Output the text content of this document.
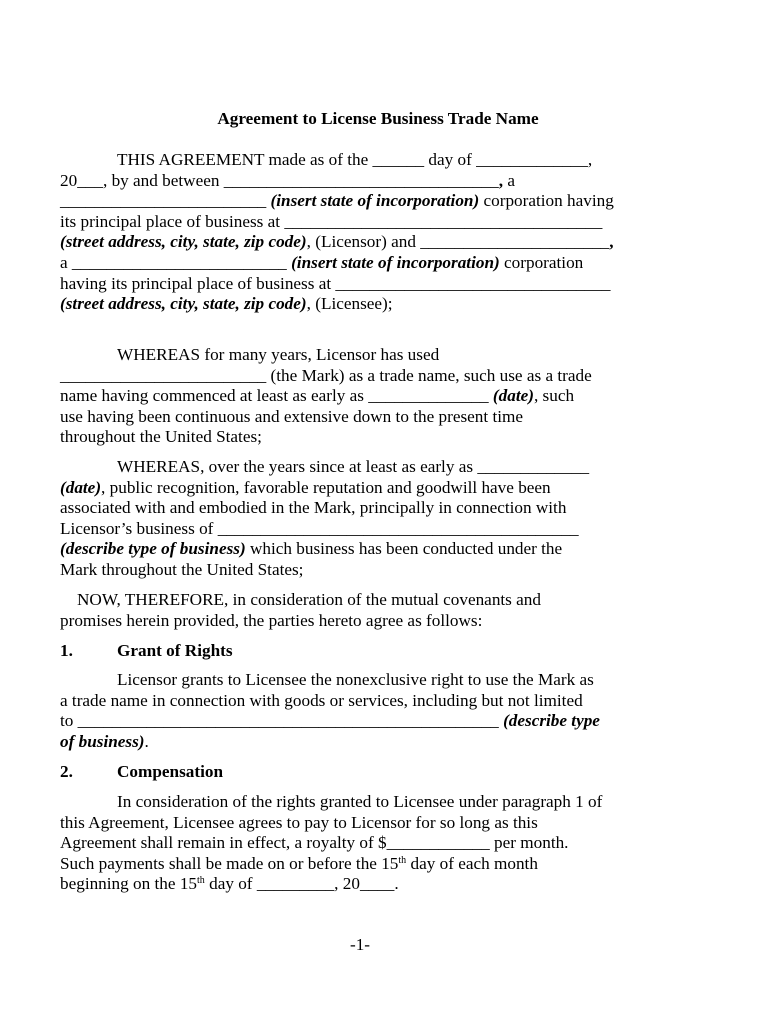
Agreement to License Business Trade Name
THIS AGREEMENT made as of the ______ day of _____________,
20___, by and between ________________________________, a
________________________ (insert state of incorporation) corporation having
its principal place of business at _____________________________________
(street address, city, state, zip code), (Licensor) and ______________________,
a _________________________ (insert state of incorporation) corporation
having its principal place of business at ________________________________
(street address, city, state, zip code), (Licensee);
WHEREAS for many years, Licensor has used
________________________ (the Mark) as a trade name, such use as a trade
name having commenced at least as early as ______________ (date), such
use having been continuous and extensive down to the present time
throughout the United States;
WHEREAS, over the years since at least as early as _____________
(date), public recognition, favorable reputation and goodwill have been
associated with and embodied in the Mark, principally in connection with
Licensor’s business of __________________________________________
(describe type of business) which business has been conducted under the
Mark throughout the United States;
NOW, THEREFORE, in consideration of the mutual covenants and
promises herein provided, the parties hereto agree as follows:
1.	Grant of Rights
Licensor grants to Licensee the nonexclusive right to use the Mark as
a trade name in connection with goods or services, including but not limited
to _________________________________________________ (describe type
of business).
2.	Compensation
In consideration of the rights granted to Licensee under paragraph 1 of
this Agreement, Licensee agrees to pay to Licensor for so long as this
Agreement shall remain in effect, a royalty of $____________ per month.
Such payments shall be made on or before the 15th day of each month
beginning on the 15th day of _________, 20____.
-1-
